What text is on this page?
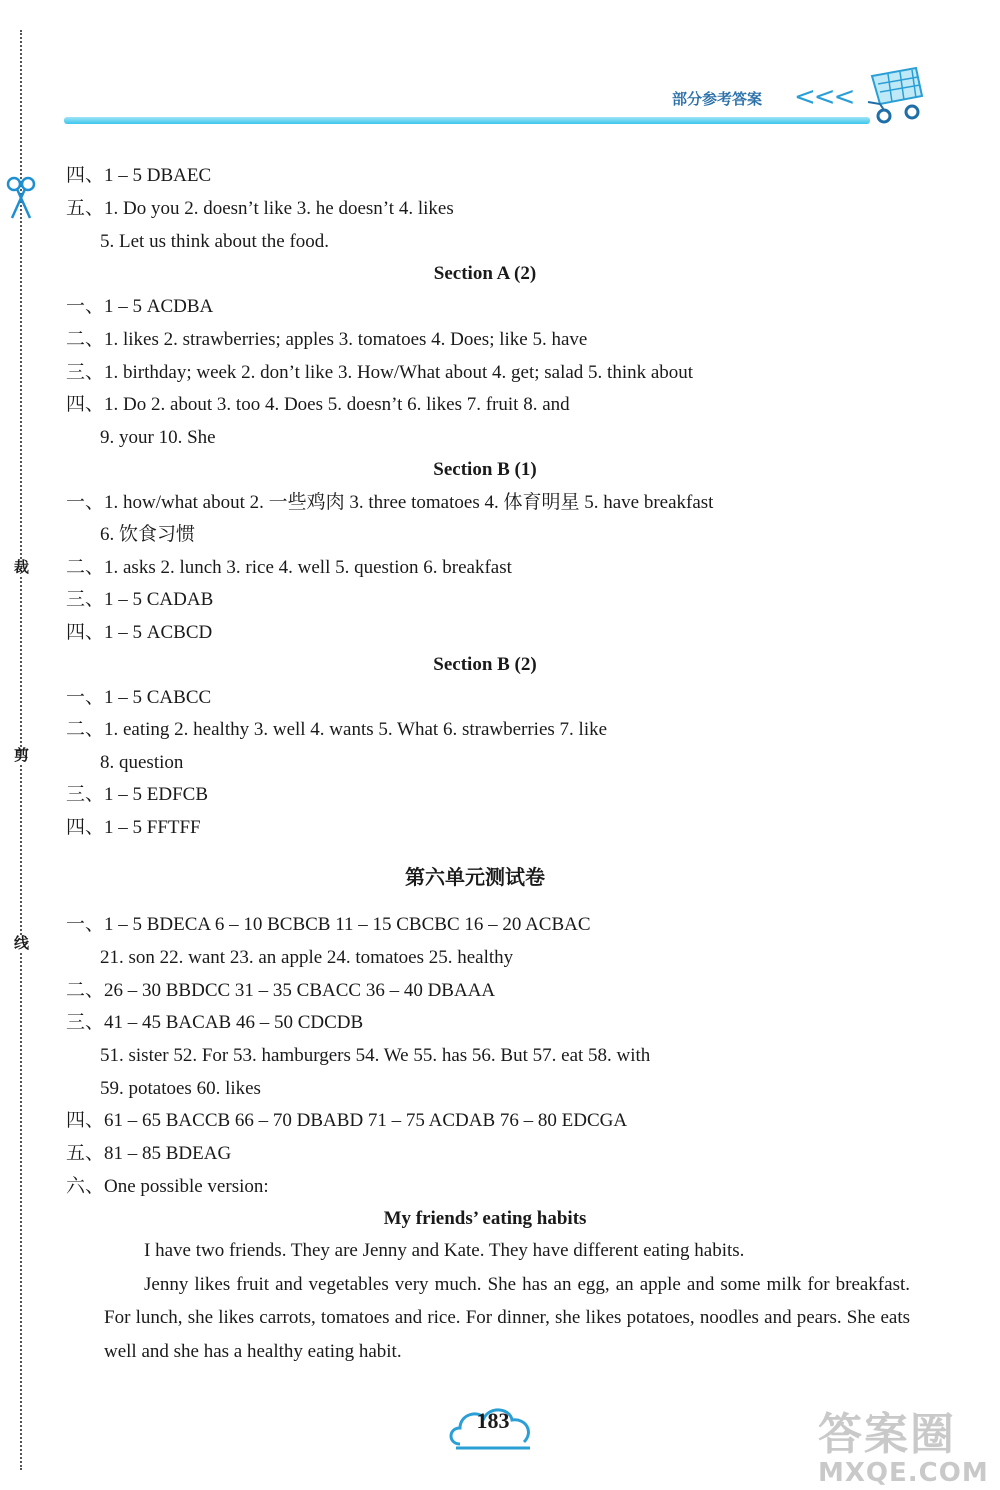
裁
剪
线
部分参考答案 <<<
四、1 – 5 DBAEC
五、1. Do you 2. doesn’t like 3. he doesn’t 4. likes
5. Let us think about the food.
Section A (2)
一、1 – 5 ACDBA
二、1. likes 2. strawberries; apples 3. tomatoes 4. Does; like 5. have
三、1. birthday; week 2. don’t like 3. How/What about 4. get; salad 5. think about
四、1. Do 2. about 3. too 4. Does 5. doesn’t 6. likes 7. fruit 8. and
9. your 10. She
Section B (1)
一、1. how/what about 2. 一些鸡肉 3. three tomatoes 4. 体育明星 5. have breakfast
6. 饮食习惯
二、1. asks 2. lunch 3. rice 4. well 5. question 6. breakfast
三、1 – 5 CADAB
四、1 – 5 ACBCD
Section B (2)
一、1 – 5 CABCC
二、1. eating 2. healthy 3. well 4. wants 5. What 6. strawberries 7. like
8. question
三、1 – 5 EDFCB
四、1 – 5 FFTFF
第六单元测试卷
一、1 – 5 BDECA 6 – 10 BCBCB 11 – 15 CBCBC 16 – 20 ACBAC
21. son 22. want 23. an apple 24. tomatoes 25. healthy
二、26 – 30 BBDCC 31 – 35 CBACC 36 – 40 DBAAA
三、41 – 45 BACAB 46 – 50 CDCDB
51. sister 52. For 53. hamburgers 54. We 55. has 56. But 57. eat 58. with
59. potatoes 60. likes
四、61 – 65 BACCB 66 – 70 DBABD 71 – 75 ACDAB 76 – 80 EDCGA
五、81 – 85 BDEAG
六、One possible version:
My friends’ eating habits

I have two friends. They are Jenny and Kate. They have different eating habits.

Jenny likes fruit and vegetables very much. She has an egg, an apple and some milk for breakfast. For lunch, she likes carrots, tomatoes and rice. For dinner, she likes potatoes, noodles and pears. She eats well and she has a healthy eating habit.

183	答案圈
MXQE.COM
